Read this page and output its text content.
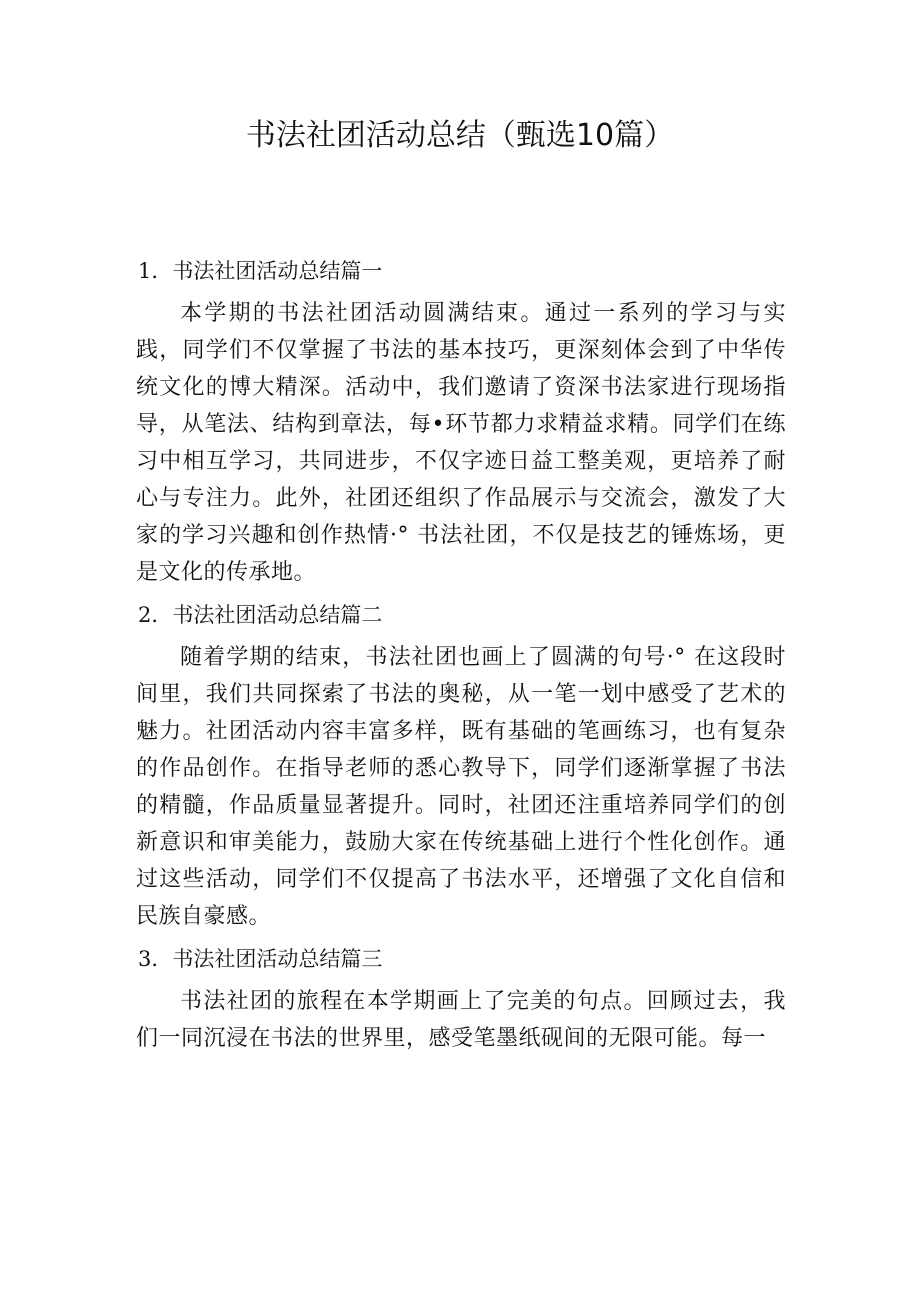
书法社团活动总结（甄选10篇）
1．书法社团活动总结篇一

本学期的书法社团活动圆满结束。通过一系列的学习与实践，同学们不仅掌握了书法的基本技巧，更深刻体会到了中华传统文化的博大精深。活动中，我们邀请了资深书法家进行现场指导，从笔法、结构到章法，每•环节都力求精益求精。同学们在练习中相互学习，共同进步，不仅字迹日益工整美观，更培养了耐心与专注力。此外，社团还组织了作品展示与交流会，激发了大家的学习兴趣和创作热情·° 书法社团，不仅是技艺的锤炼场，更是文化的传承地。

2．书法社团活动总结篇二

随着学期的结束，书法社团也画上了圆满的句号·° 在这段时间里，我们共同探索了书法的奥秘，从一笔一划中感受了艺术的魅力。社团活动内容丰富多样，既有基础的笔画练习，也有复杂的作品创作。在指导老师的悉心教导下，同学们逐渐掌握了书法的精髓，作品质量显著提升。同时，社团还注重培养同学们的创新意识和审美能力，鼓励大家在传统基础上进行个性化创作。通过这些活动，同学们不仅提高了书法水平，还增强了文化自信和民族自豪感。

3．书法社团活动总结篇三

书法社团的旅程在本学期画上了完美的句点。回顾过去，我们一同沉浸在书法的世界里，感受笔墨纸砚间的无限可能。每一
